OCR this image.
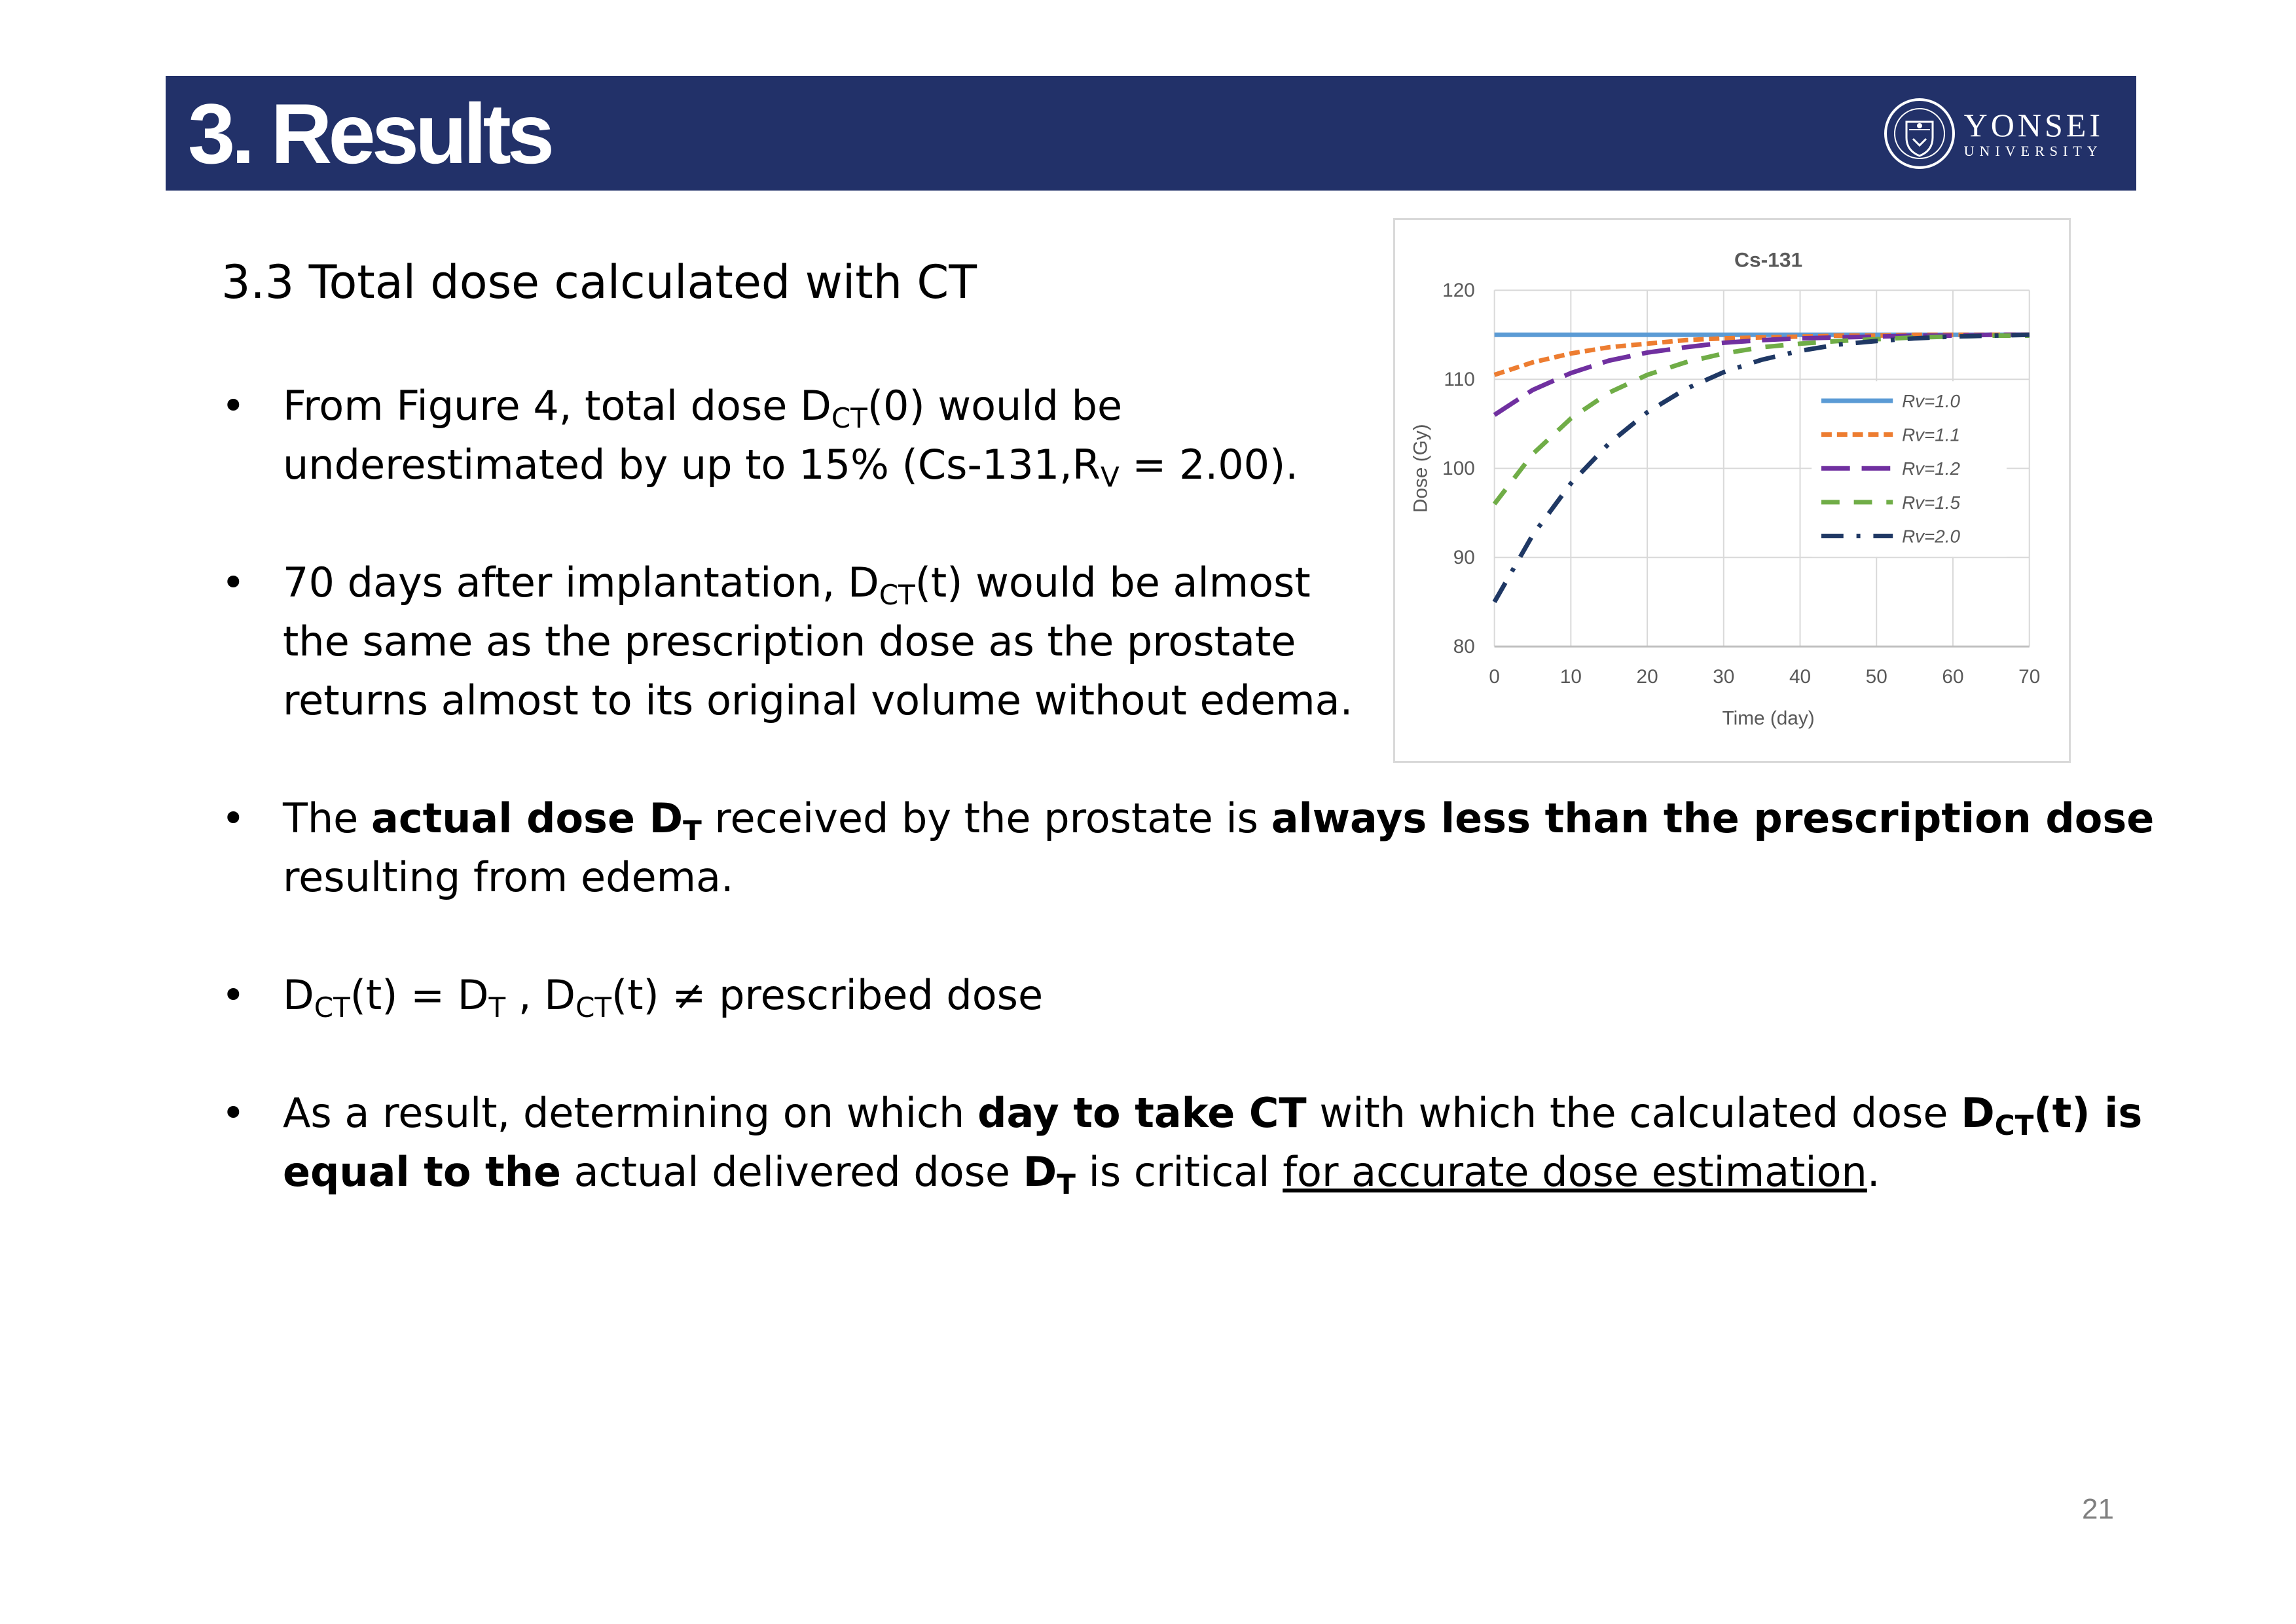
3. Results	YONSEI
UNIVERSITY
3.3 Total dose calculated with CT
• From Figure 4, total dose $D_{CT}(0)$ would be
underestimated by up to 15% $(Cs-131,R_V = 2.00)$.
• 70 days after implantation, $D_{CT}(t)$ would be almost
the same as the prescription dose as the prostate
returns almost to its original volume without edema.
• The actual dose $D_T$ received by the prostate is always less than the prescription dose
resulting from edema.
• $D_{CT}(t) = D_T$ , $D_{CT}(t)$ ≠ prescribed dose
• As a result, determining on which day to take CT with which the calculated dose $D_{CT}(t)$ is
equal to the actual delivered dose $D_T$ is critical for accurate dose estimation.
0	10	20	30	40	50	60	70
80
90
100
110
120
Cs-131
Time (day)
Dose (Gy)
Rv=1.0
Rv=1.1
Rv=1.2
Rv=1.5
Rv=2.0
21
